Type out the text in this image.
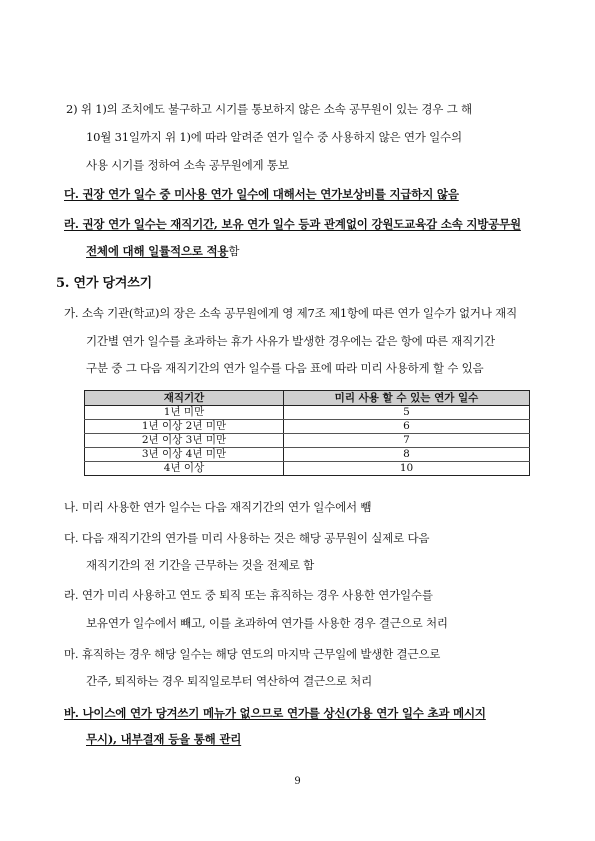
2) 위 1)의 조치에도 불구하고 시기를 통보하지 않은 소속 공무원이 있는 경우 그 해
10월 31일까지 위 1)에 따라 알려준 연가 일수 중 사용하지 않은 연가 일수의
사용 시기를 정하여 소속 공무원에게 통보
다. 권장 연가 일수 중 미사용 연가 일수에 대해서는 연가보상비를 지급하지 않음
라. 권장 연가 일수는 재직기간, 보유 연가 일수 등과 관계없이 강원도교육감 소속 지방공무원
전체에 대해 일률적으로 적용함
5. 연가 당겨쓰기
가. 소속 기관(학교)의 장은 소속 공무원에게 영 제7조 제1항에 따른 연가 일수가 없거나 재직
기간별 연가 일수를 초과하는 휴가 사유가 발생한 경우에는 같은 항에 따른 재직기간
구분 중 그 다음 재직기간의 연가 일수를 다음 표에 따라 미리 사용하게 할 수 있음
재직기간	미리 사용 할 수 있는 연가 일수
1년 미만	5
1년 이상 2년 미만	6
2년 이상 3년 미만	7
3년 이상 4년 미만	8
4년 이상	10
나. 미리 사용한 연가 일수는 다음 재직기간의 연가 일수에서 뺌
다. 다음 재직기간의 연가를 미리 사용하는 것은 해당 공무원이 실제로 다음
재직기간의 전 기간을 근무하는 것을 전제로 함
라. 연가 미리 사용하고 연도 중 퇴직 또는 휴직하는 경우 사용한 연가일수를
보유연가 일수에서 빼고, 이를 초과하여 연가를 사용한 경우 결근으로 처리
마. 휴직하는 경우 해당 일수는 해당 연도의 마지막 근무일에 발생한 결근으로
간주, 퇴직하는 경우 퇴직일로부터 역산하여 결근으로 처리
바. 나이스에 연가 당겨쓰기 메뉴가 없으므로 연가를 상신(가용 연가 일수 초과 메시지
무시), 내부결재 등을 통해 관리
9
